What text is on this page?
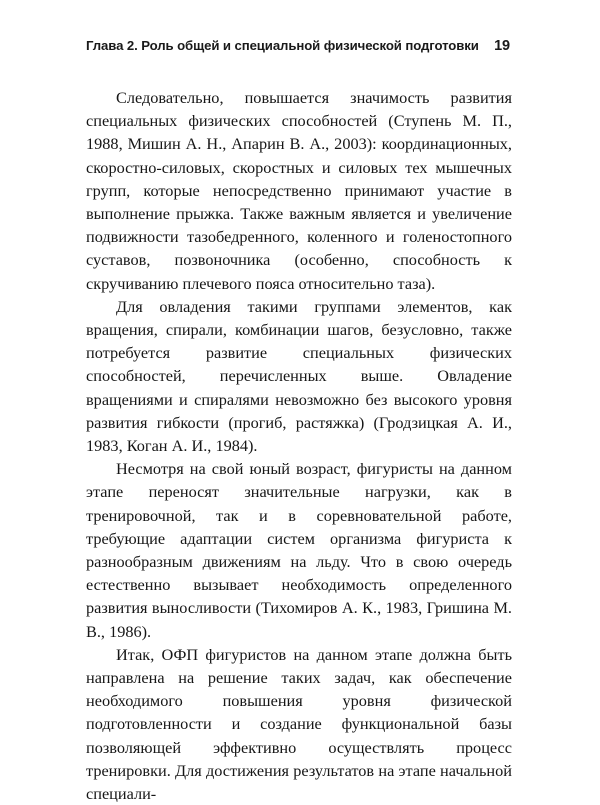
Глава 2. Роль общей и специальной физической подготовки 19

Следовательно, повышается значимость развития специальных физических способностей (Ступень М. П., 1988, Мишин А. Н., Апарин В. А., 2003): координационных, скоростно-силовых, скоростных и силовых тех мышечных групп, которые непосредственно принимают участие в выполнение прыжка. Также важным является и увеличение подвижности тазобедренного, коленного и голеностопного суставов, позвоночника (особенно, способность к скручиванию плечевого пояса относительно таза).

Для овладения такими группами элементов, как вращения, спирали, комбинации шагов, безусловно, также потребуется развитие специальных физических способностей, перечисленных выше. Овладение вращениями и спиралями невозможно без высокого уровня развития гибкости (прогиб, растяжка) (Гродзицкая А. И., 1983, Коган А. И., 1984).

Несмотря на свой юный возраст, фигуристы на данном этапе переносят значительные нагрузки, как в тренировочной, так и в соревновательной работе, требующие адаптации систем организма фигуриста к разнообразным движениям на льду. Что в свою очередь естественно вызывает необходимость определенного развития выносливости (Тихомиров А. К., 1983, Гришина М. В., 1986).

Итак, ОФП фигуристов на данном этапе должна быть направлена на решение таких задач, как обеспечение необходимого повышения уровня физической подготовленности и создание функциональной базы позволяющей эффективно осуществлять процесс тренировки. Для достижения результатов на этапе начальной специали-
